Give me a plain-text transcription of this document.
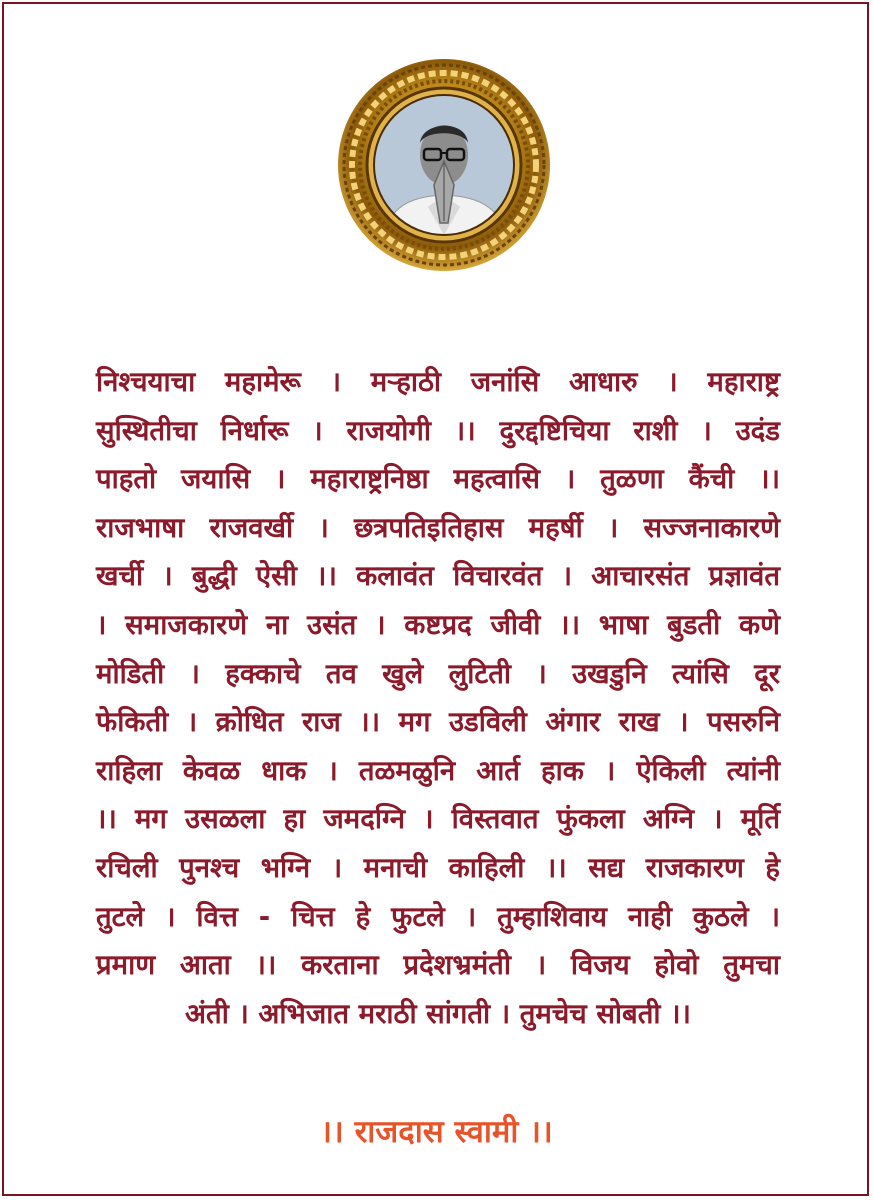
निश्चयाचा महामेरू । मऱ्हाठी जनांसि आधारु । महाराष्ट्र
सुस्थितीचा निर्धारू । राजयोगी ।। दुरद्दष्टिचिया राशी । उदंड
पाहतो जयासि । महाराष्ट्रनिष्ठा महत्वासि । तुळणा कैंची ।।
राजभाषा राजवर्खी । छत्रपतिइतिहास महर्षी । सज्जनाकारणे
खर्ची । बुद्धी ऐसी ।। कलावंत विचारवंत । आचारसंत प्रज्ञावंत
। समाजकारणे ना उसंत । कष्टप्रद जीवी ।। भाषा बुडती कणे
मोडिती । हक्काचे तव खुले लुटिती । उखडुनि त्यांसि दूर
फेकिती । क्रोधित राज ।। मग उडविली अंगार राख । पसरुनि
राहिला केवळ धाक । तळमळुनि आर्त हाक । ऐकिली त्यांनी
।। मग उसळला हा जमदग्नि । विस्तवात फुंकला अग्नि । मूर्ति
रचिली पुनश्च भग्नि । मनाची काहिली ।। सद्य राजकारण हे
तुटले । वित्त - चित्त हे फुटले । तुम्हाशिवाय नाही कुठले ।
प्रमाण आता ।। करताना प्रदेशभ्रमंती । विजय होवो तुमचा
अंती । अभिजात मराठी सांगती । तुमचेच सोबती ।।
।। राजदास स्वामी ।।
